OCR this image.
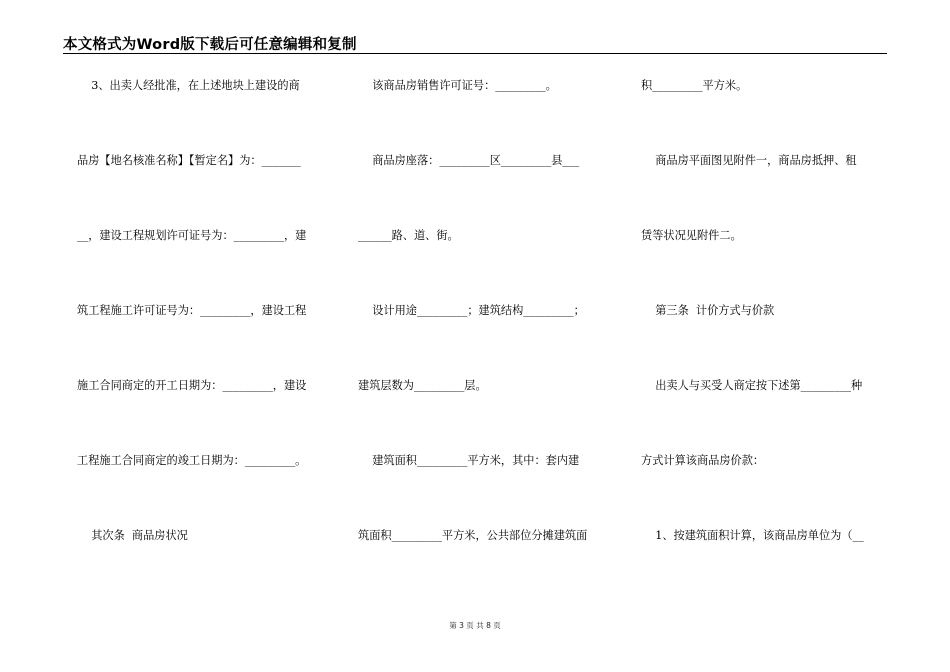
本文格式为Word版下载后可任意编辑和复制
3、出卖人经批准，在上述地块上建设的商
品房【地名核准名称】【暂定名】为：_______
__，建设工程规划许可证号为：_________，建
筑工程施工许可证号为：_________，建设工程
施工合同商定的开工日期为：_________，建设
工程施工合同商定的竣工日期为：_________。
其次条  商品房状况
该商品房销售许可证号：_________。
商品房座落：_________区_________县___
______路、道、街。
设计用途_________；建筑结构_________；
建筑层数为_________层。
建筑面积_________平方米，其中：套内建
筑面积_________平方米，公共部位分摊建筑面
积_________平方米。
商品房平面图见附件一，商品房抵押、租
赁等状况见附件二。
第三条  计价方式与价款
出卖人与买受人商定按下述第_________种
方式计算该商品房价款：
1、按建筑面积计算，该商品房单位为（__
第 3 页 共 8 页
